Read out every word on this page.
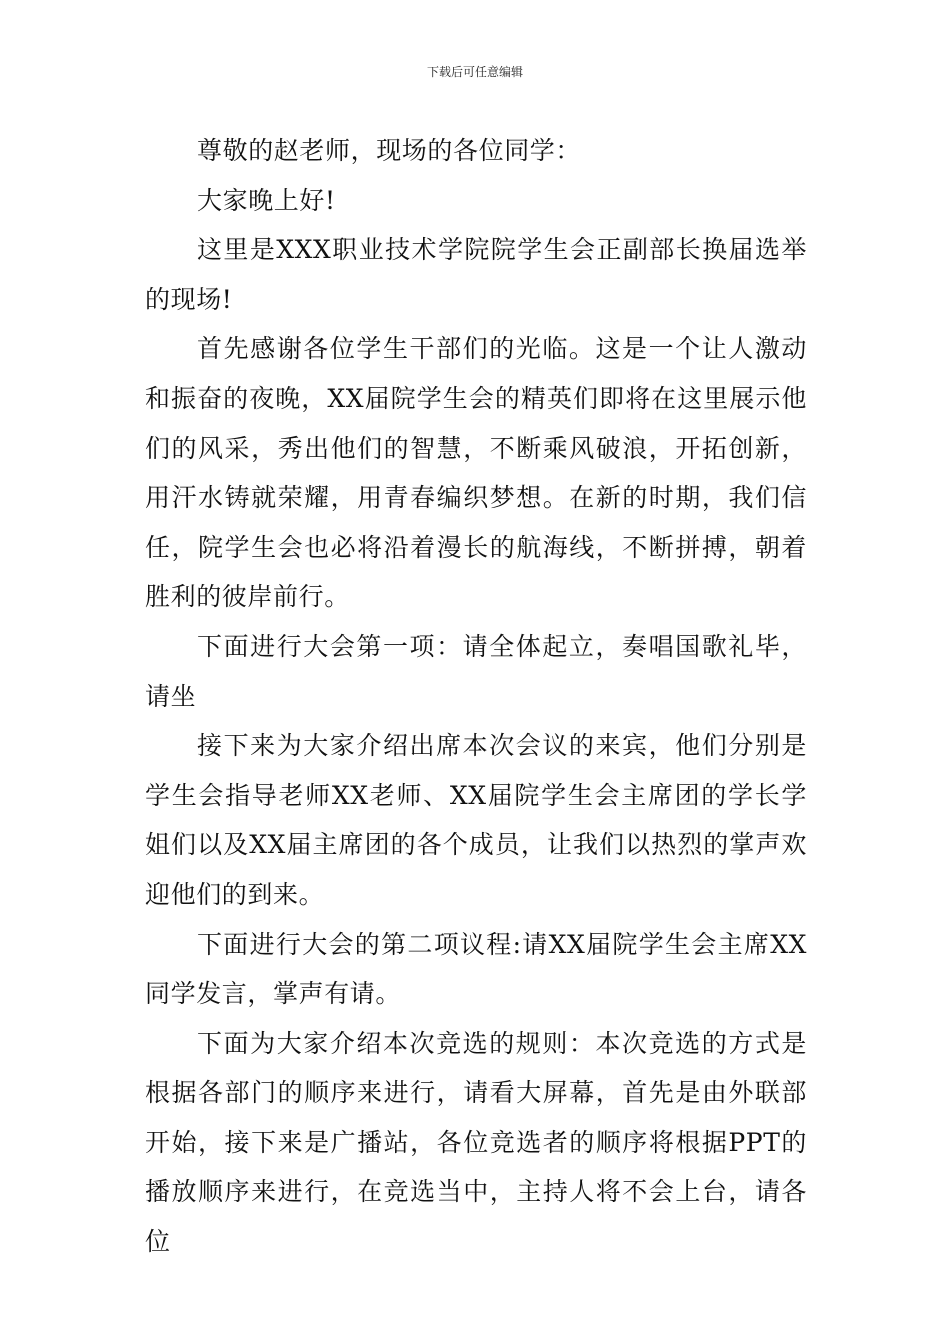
下载后可任意编辑

尊敬的赵老师，现场的各位同学：

大家晚上好!

这里是XXX职业技术学院院学生会正副部长换届选举的现场!

首先感谢各位学生干部们的光临。这是一个让人激动和振奋的夜晚，XX届院学生会的精英们即将在这里展示他们的风采，秀出他们的智慧，不断乘风破浪，开拓创新，用汗水铸就荣耀，用青春编织梦想。在新的时期，我们信任，院学生会也必将沿着漫长的航海线，不断拼搏，朝着胜利的彼岸前行。

下面进行大会第一项：请全体起立，奏唱国歌礼毕，请坐

接下来为大家介绍出席本次会议的来宾，他们分别是学生会指导老师XX老师、XX届院学生会主席团的学长学姐们以及XX届主席团的各个成员，让我们以热烈的掌声欢迎他们的到来。

下面进行大会的第二项议程:请XX届院学生会主席XX同学发言，掌声有请。

下面为大家介绍本次竞选的规则：本次竞选的方式是根据各部门的顺序来进行，请看大屏幕，首先是由外联部开始，接下来是广播站，各位竞选者的顺序将根据PPT的播放顺序来进行，在竞选当中，主持人将不会上台，请各位
